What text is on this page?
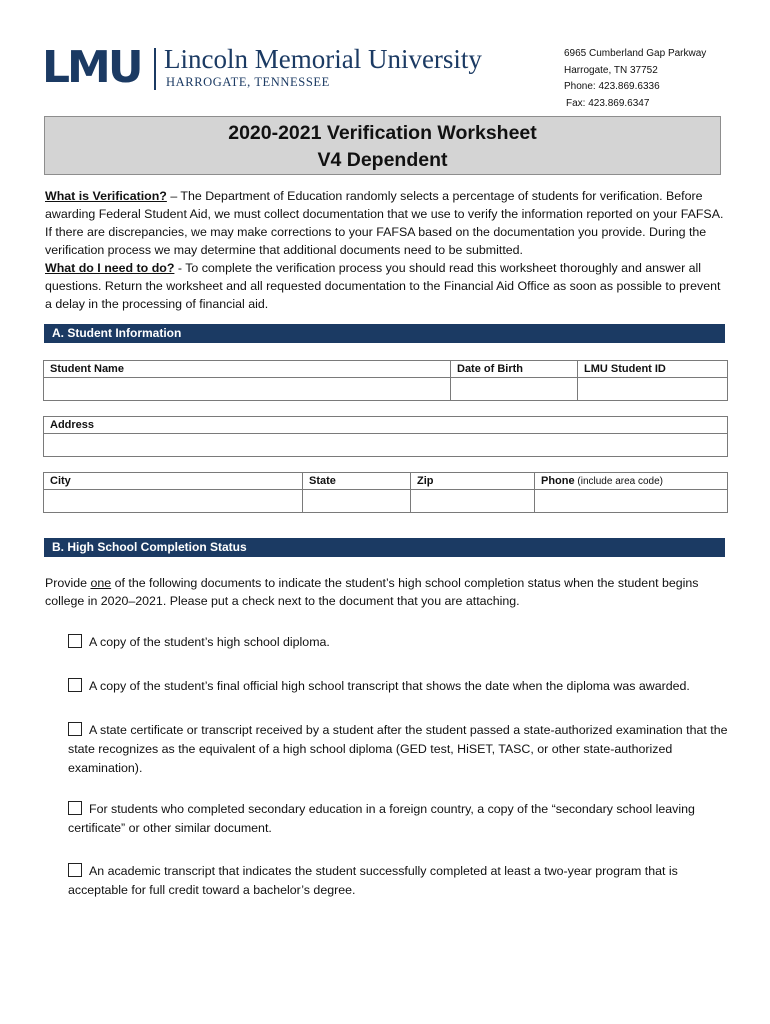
LMU Lincoln Memorial University
HARROGATE, TENNESSEE
6965 Cumberland Gap Parkway
Harrogate, TN 37752
Phone: 423.869.6336
Fax: 423.869.6347
2020-2021 Verification Worksheet
V4 Dependent

What is Verification? – The Department of Education randomly selects a percentage of students for verification. Before awarding Federal Student Aid, we must collect documentation that we use to verify the information reported on your FAFSA. If there are discrepancies, we may make corrections to your FAFSA based on the documentation you provide. During the verification process we may determine that additional documents need to be submitted.

What do I need to do? - To complete the verification process you should read this worksheet thoroughly and answer all questions. Return the worksheet and all requested documentation to the Financial Aid Office as soon as possible to prevent a delay in the processing of financial aid.

A. Student Information
Student Name	Date of Birth	LMU Student ID

Address

City	State	Zip	Phone (include area code)

B. High School Completion Status

Provide one of the following documents to indicate the student’s high school completion status when the student begins college in 2020–2021. Please put a check next to the document that you are attaching.

A copy of the student’s high school diploma.
A copy of the student’s final official high school transcript that shows the date when the diploma was awarded.
A state certificate or transcript received by a student after the student passed a state-authorized examination that the state recognizes as the equivalent of a high school diploma (GED test, HiSET, TASC, or other state-authorized examination).
For students who completed secondary education in a foreign country, a copy of the “secondary school leaving certificate” or other similar document.
An academic transcript that indicates the student successfully completed at least a two-year program that is acceptable for full credit toward a bachelor’s degree.
